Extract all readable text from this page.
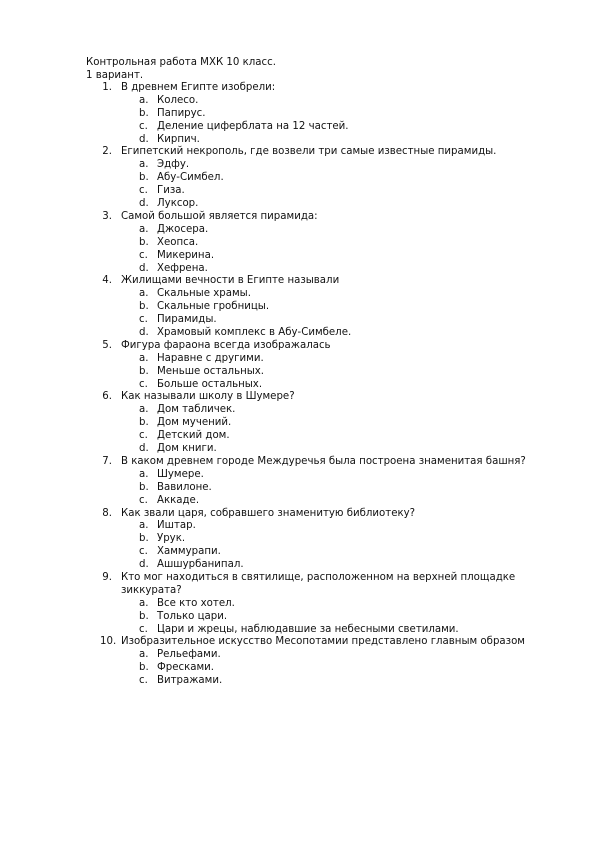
Контрольная работа МХК 10 класс.
1 вариант.
1. В древнем Египте изобрели:
a. Колесо.
b. Папирус.
c. Деление циферблата на 12 частей.
d. Кирпич.
2. Египетский некрополь, где возвели три самые известные пирамиды.
a. Эдфу.
b. Абу-Симбел.
c. Гиза.
d. Луксор.
3. Самой большой является пирамида:
a. Джосера.
b. Хеопса.
c. Микерина.
d. Хефрена.
4. Жилищами вечности в Египте называли
a. Скальные храмы.
b. Скальные гробницы.
c. Пирамиды.
d. Храмовый комплекс в Абу-Симбеле.
5. Фигура фараона всегда изображалась
a. Наравне с другими.
b. Меньше остальных.
c. Больше остальных.
6. Как называли школу в Шумере?
a. Дом табличек.
b. Дом мучений.
c. Детский дом.
d. Дом книги.
7. В каком древнем городе Междуречья была построена знаменитая башня?
a. Шумере.
b. Вавилоне.
c. Аккаде.
8. Как звали царя, собравшего знаменитую библиотеку?
a. Иштар.
b. Урук.
c. Хаммурапи.
d. Ашшурбанипал.
9. Кто мог находиться в святилище, расположенном на верхней площадке зиккурата?
a. Все кто хотел.
b. Только цари.
c. Цари и жрецы, наблюдавшие за небесными светилами.
10. Изобразительное искусство Месопотамии представлено главным образом
a. Рельефами.
b. Фресками.
c. Витражами.
